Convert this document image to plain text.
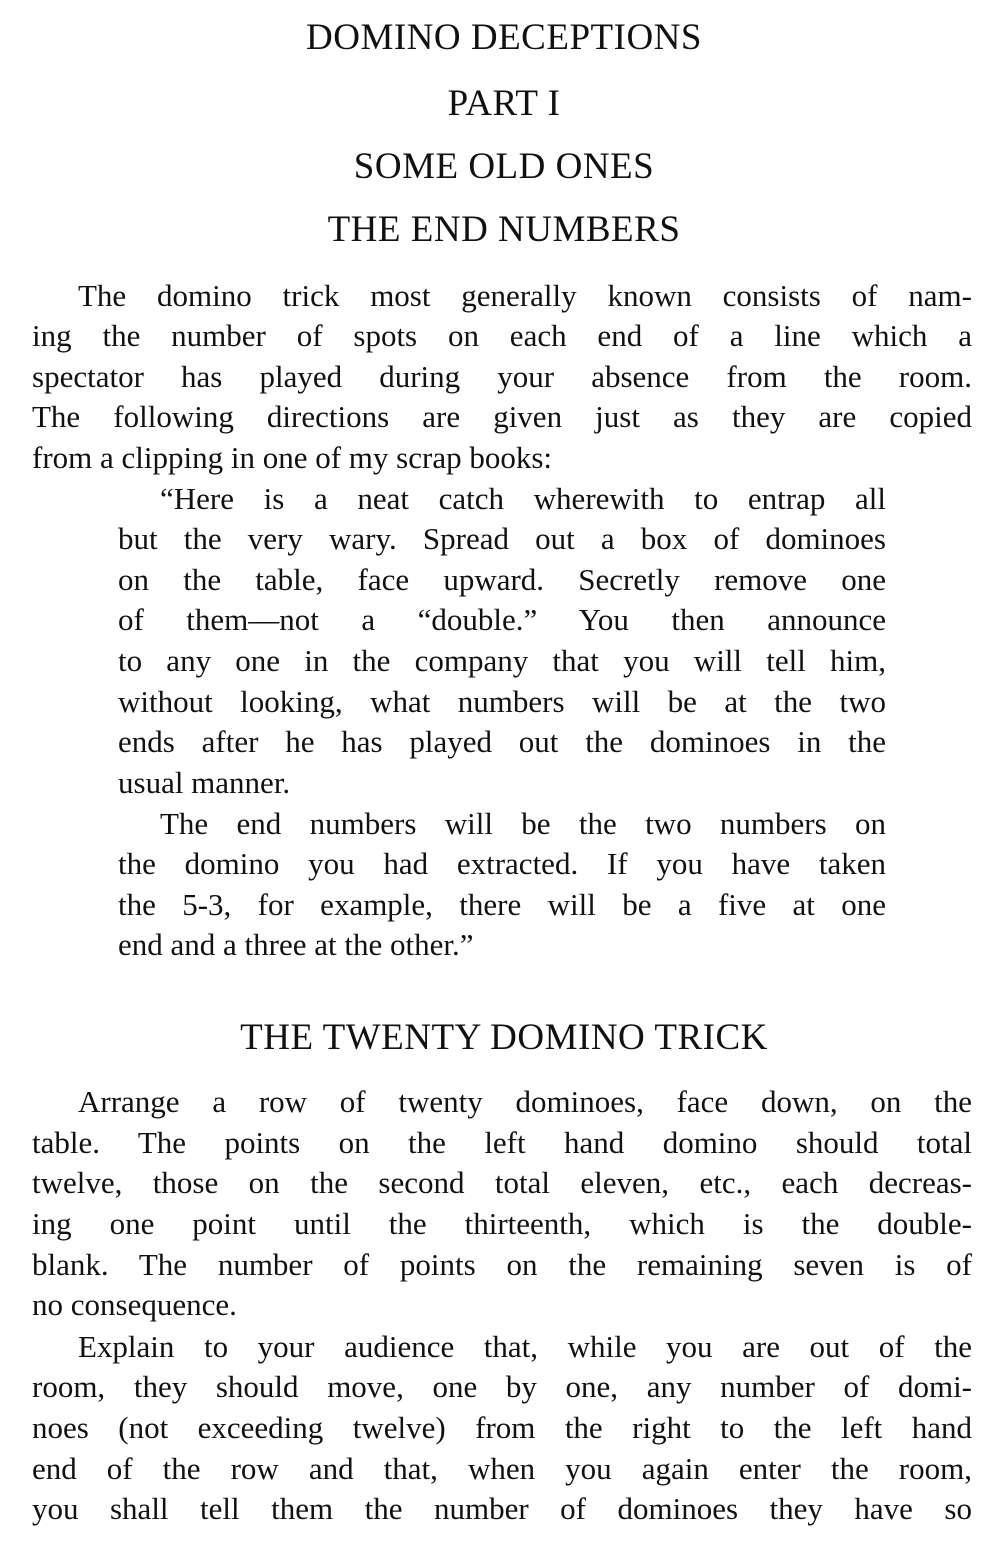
DOMINO DECEPTIONS
PART I
SOME OLD ONES
THE END NUMBERS
The domino trick most generally known consists of nam-
ing the number of spots on each end of a line which a
spectator has played during your absence from the room.
The following directions are given just as they are copied
from a clipping in one of my scrap books:
“Here is a neat catch wherewith to entrap all
but the very wary. Spread out a box of dominoes
on the table, face upward. Secretly remove one
of them—not a “double.” You then announce
to any one in the company that you will tell him,
without looking, what numbers will be at the two
ends after he has played out the dominoes in the
usual manner.
The end numbers will be the two numbers on
the domino you had extracted. If you have taken
the 5-3, for example, there will be a five at one
end and a three at the other.”
THE TWENTY DOMINO TRICK
Arrange a row of twenty dominoes, face down, on the
table. The points on the left hand domino should total
twelve, those on the second total eleven, etc., each decreas-
ing one point until the thirteenth, which is the double-
blank. The number of points on the remaining seven is of
no consequence.
Explain to your audience that, while you are out of the
room, they should move, one by one, any number of domi-
noes (not exceeding twelve) from the right to the left hand
end of the row and that, when you again enter the room,
you shall tell them the number of dominoes they have so
